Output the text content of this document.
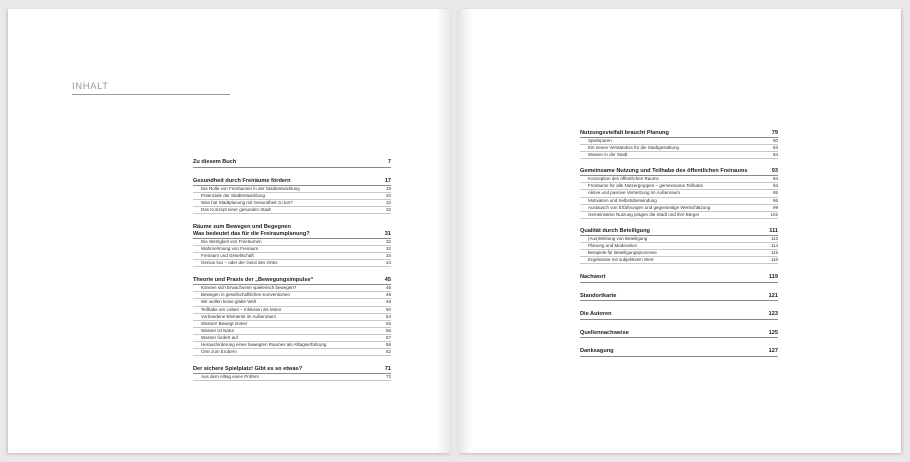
INHALT
Zu diesem Buch	7
Gesundheit durch Freiräume fördern	17
Die Rolle von Freiräumen in der Stadtentwicklung	18
Potenziale der Stadtentwicklung	20
Was hat Stadtplanung mit Gesundheit zu tun?	22
Das Konzept einer gesunden Stadt	22
Räume zum Bewegen und Begegnen
Was bedeutet das für die Freiraumplanung?	31
Die Wertigkeit von Freiräumen	32
Wahrnehmung von Freiraum	32
Freiraum und Gesellschaft	34
Genius loci – oder der Geist des Ortes	34
Theorie und Praxis der „Bewegungsimpulse“	45
Können sich Erwachsene spielerisch bewegen?	46
Bewegen in gesellschaftlichen Konventionen	48
Wir wollen keine glatte Welt	48
Teilhabe am Leben – Inklusion als Motor	50
Vorhandene Elemente im Außenraum	54
Wasser! Bewegt immer	55
Wasser ist Natur	56
Wasser fordert auf	57
Herausforderung eines bewegten Raumes als Alltagserfahrung	58
Orte zum Erobern	62
Der sichere Spielplatz! Gibt es so etwas?	71
Aus dem Alltag eines Prüfers	72
Nutzungsvielfalt braucht Planung	79
Spielspuren	80
Ein neues Verständnis für die Stadtgestaltung	83
Wasser in der Stadt	84
Gemeinsame Nutzung und Teilhabe des öffentlichen Freiraums	93
Konzeption des öffentlichen Raums	94
Freiräume für alle Nutzergruppen – gemeinsame Teilhabe	94
Aktive und passive Vernetzung im Außenraum	95
Motivation und Selbstüberwindung	96
Austausch von Erfahrungen und gegenseitige Wertschätzung	99
Gemeinsame Nutzung prägen die Stadt und ihre Bürger	102
Qualität durch Beteiligung	111
(Aus)Wirkung von Beteiligung	113
Planung und Moderation	114
Beispiele für Beteiligungsprozesse	115
Ergebnisse mit subjektivem Wert	116
Nachwort	119
Standortkarte	121
Die Autoren	123
Quellennachweise	125
Danksagung	127
